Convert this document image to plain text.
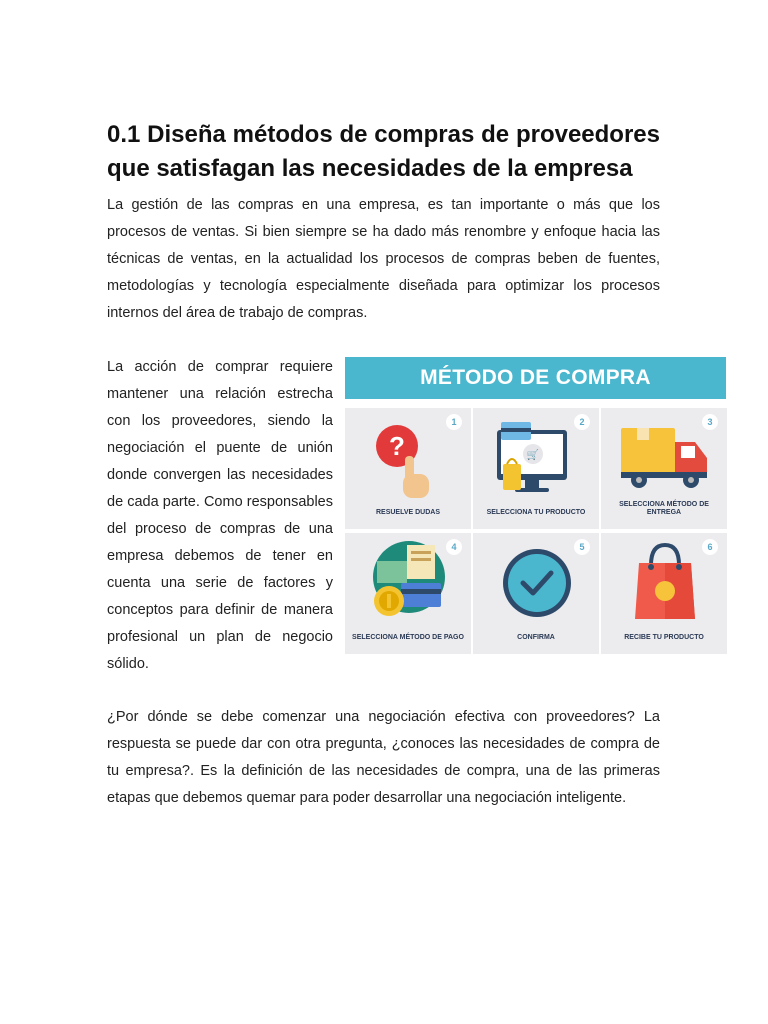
0.1 Diseña métodos de compras de proveedores que satisfagan las necesidades de la empresa

La gestión de las compras en una empresa, es tan importante o más que los procesos de ventas. Si bien siempre se ha dado más renombre y enfoque hacia las técnicas de ventas, en la actualidad los procesos de compras beben de fuentes, metodologías y tecnología especialmente diseñada para optimizar los procesos internos del área de trabajo de compras.

La acción de comprar requiere mantener una relación estrecha con los proveedores, siendo la negociación el puente de unión donde convergen las necesidades de cada parte. Como responsables del proceso de compras de una empresa debemos de tener en cuenta una serie de factores y conceptos para definir de manera profesional un plan de negocio sólido.

MÉTODO DE COMPRA
?
1
RESUELVE DUDAS
🛒
2
SELECCIONA TU PRODUCTO
3
SELECCIONA MÉTODO DE ENTREGA
4
SELECCIONA MÉTODO DE PAGO
5
CONFIRMA
6
RECIBE TU PRODUCTO

¿Por dónde se debe comenzar una negociación efectiva con proveedores? La respuesta se puede dar con otra pregunta, ¿conoces las necesidades de compra de tu empresa?. Es la definición de las necesidades de compra, una de las primeras etapas que debemos quemar para poder desarrollar una negociación inteligente.
